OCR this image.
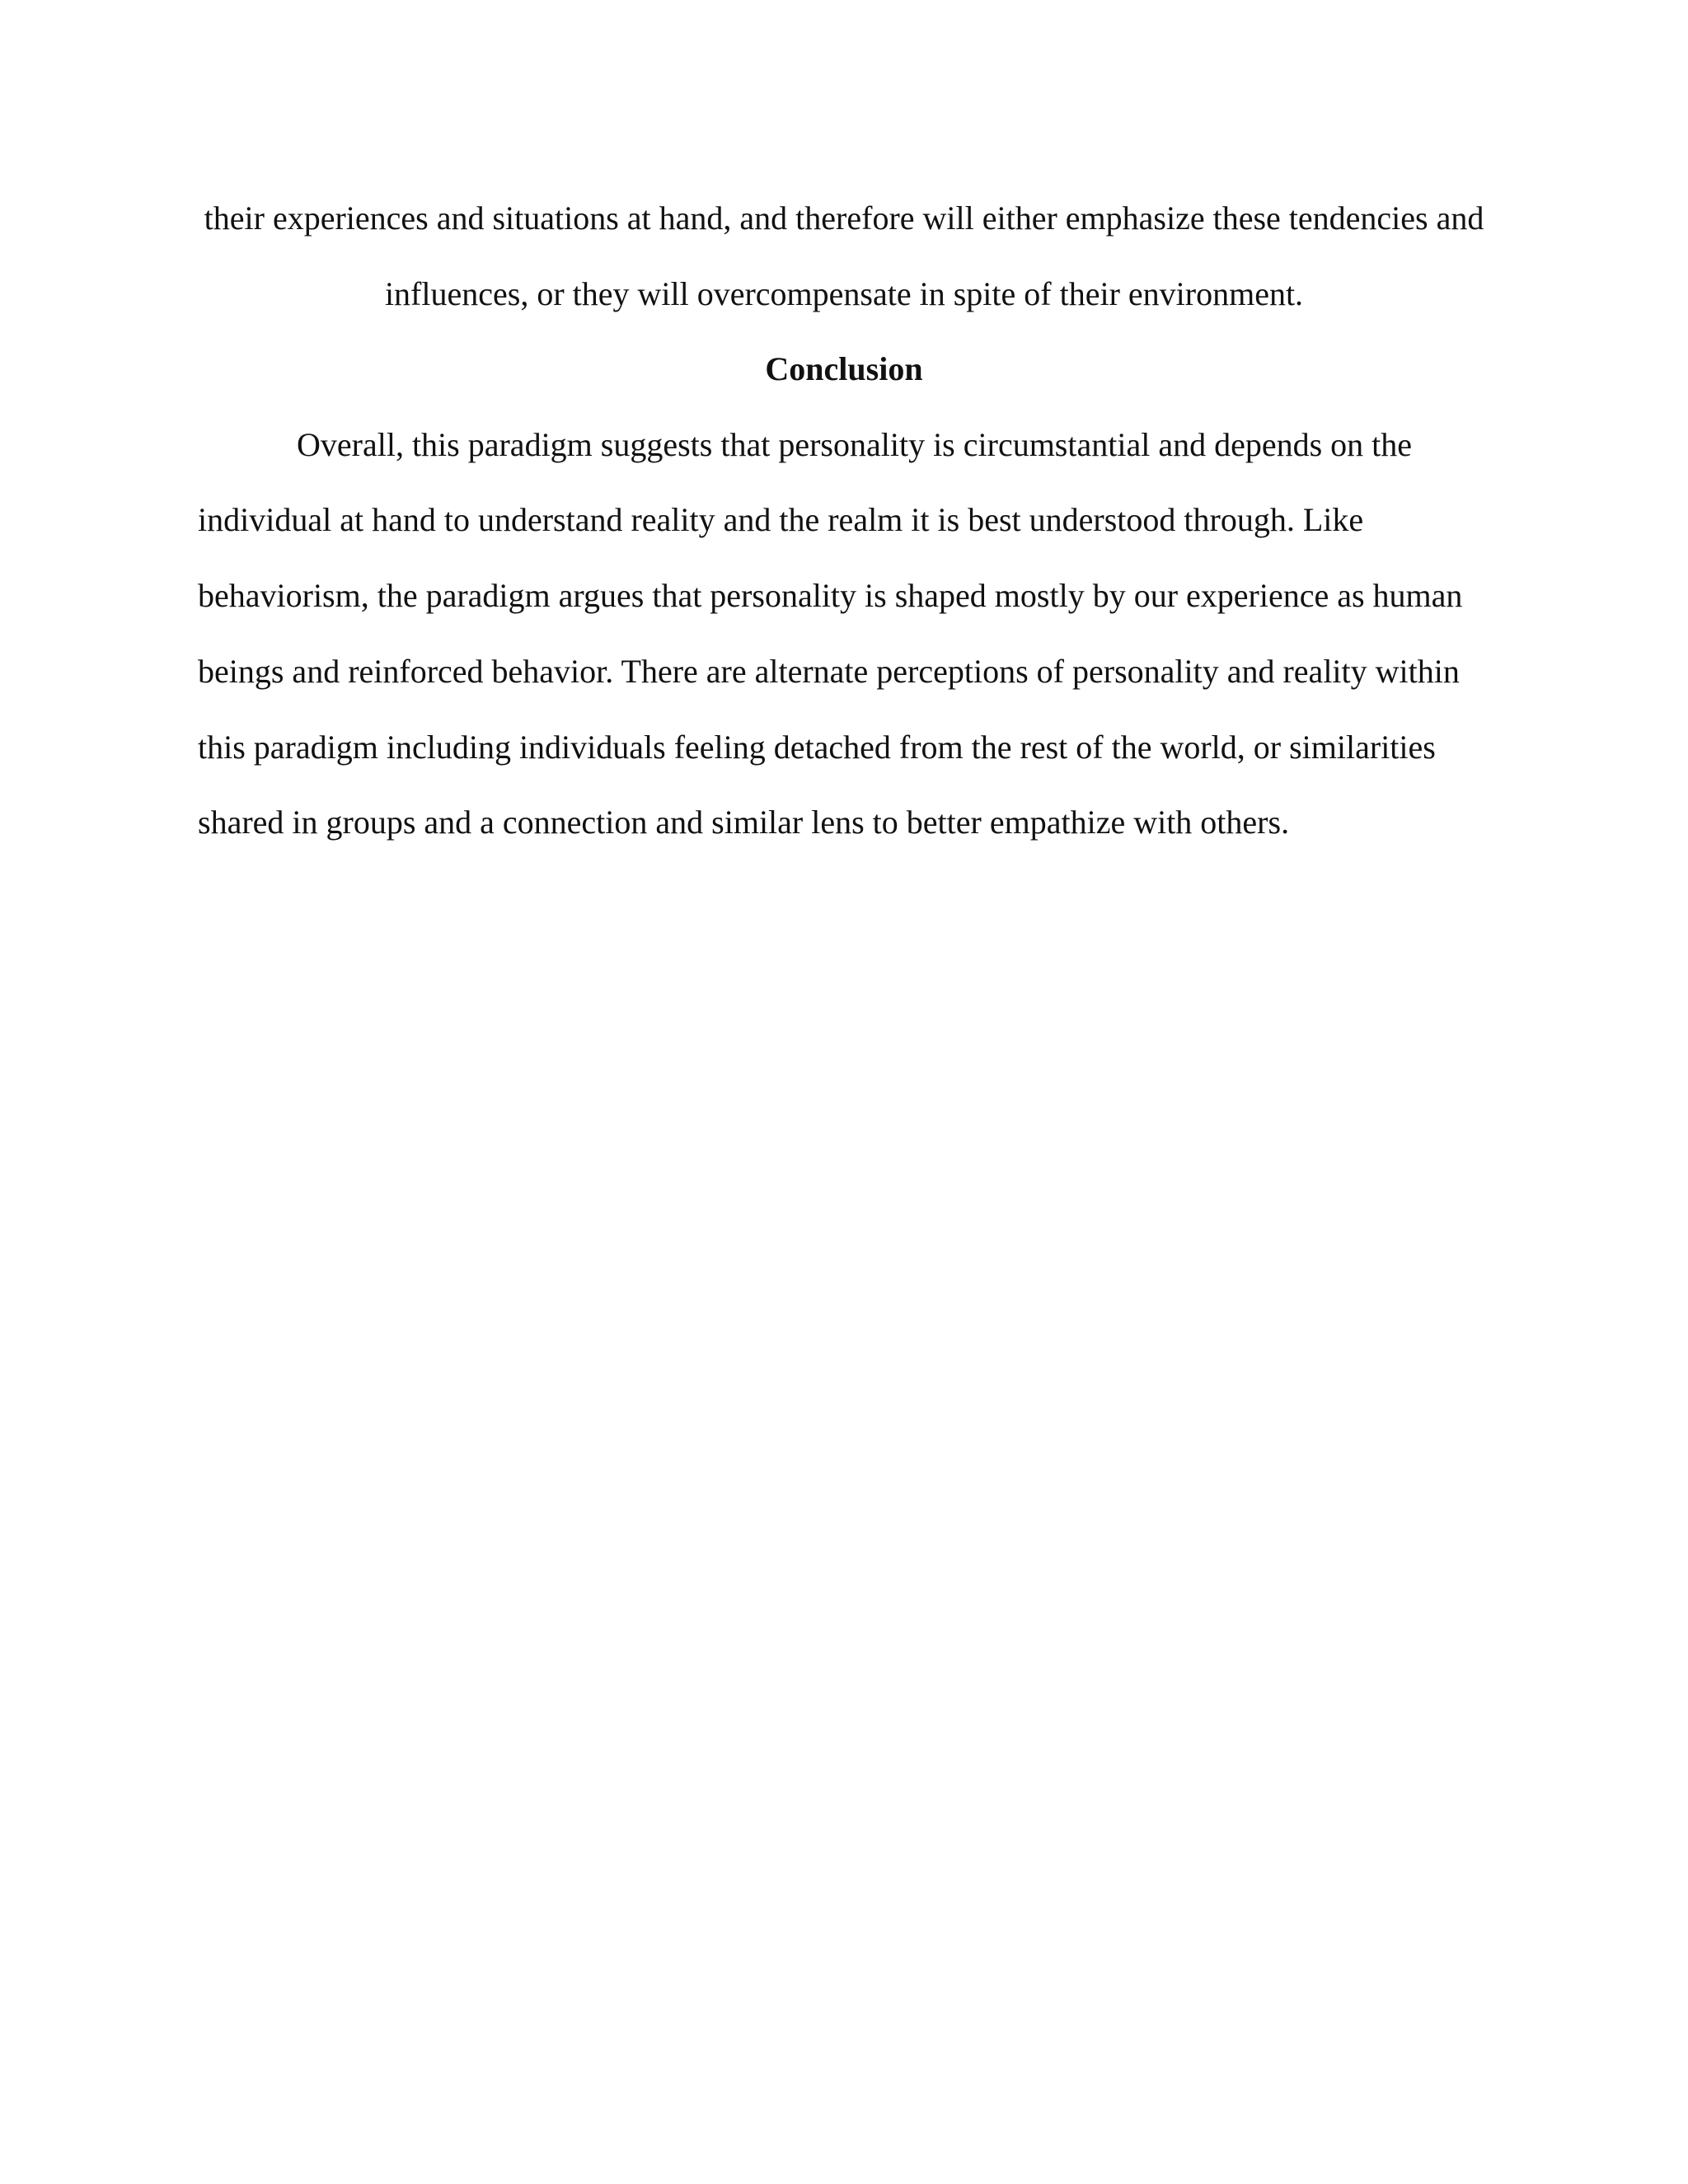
their experiences and situations at hand, and therefore will either emphasize these tendencies and

influences, or they will overcompensate in spite of their environment.

Conclusion

Overall, this paradigm suggests that personality is circumstantial and depends on the

individual at hand to understand reality and the realm it is best understood through. Like

behaviorism, the paradigm argues that personality is shaped mostly by our experience as human

beings and reinforced behavior. There are alternate perceptions of personality and reality within

this paradigm including individuals feeling detached from the rest of the world, or similarities

shared in groups and a connection and similar lens to better empathize with others.
